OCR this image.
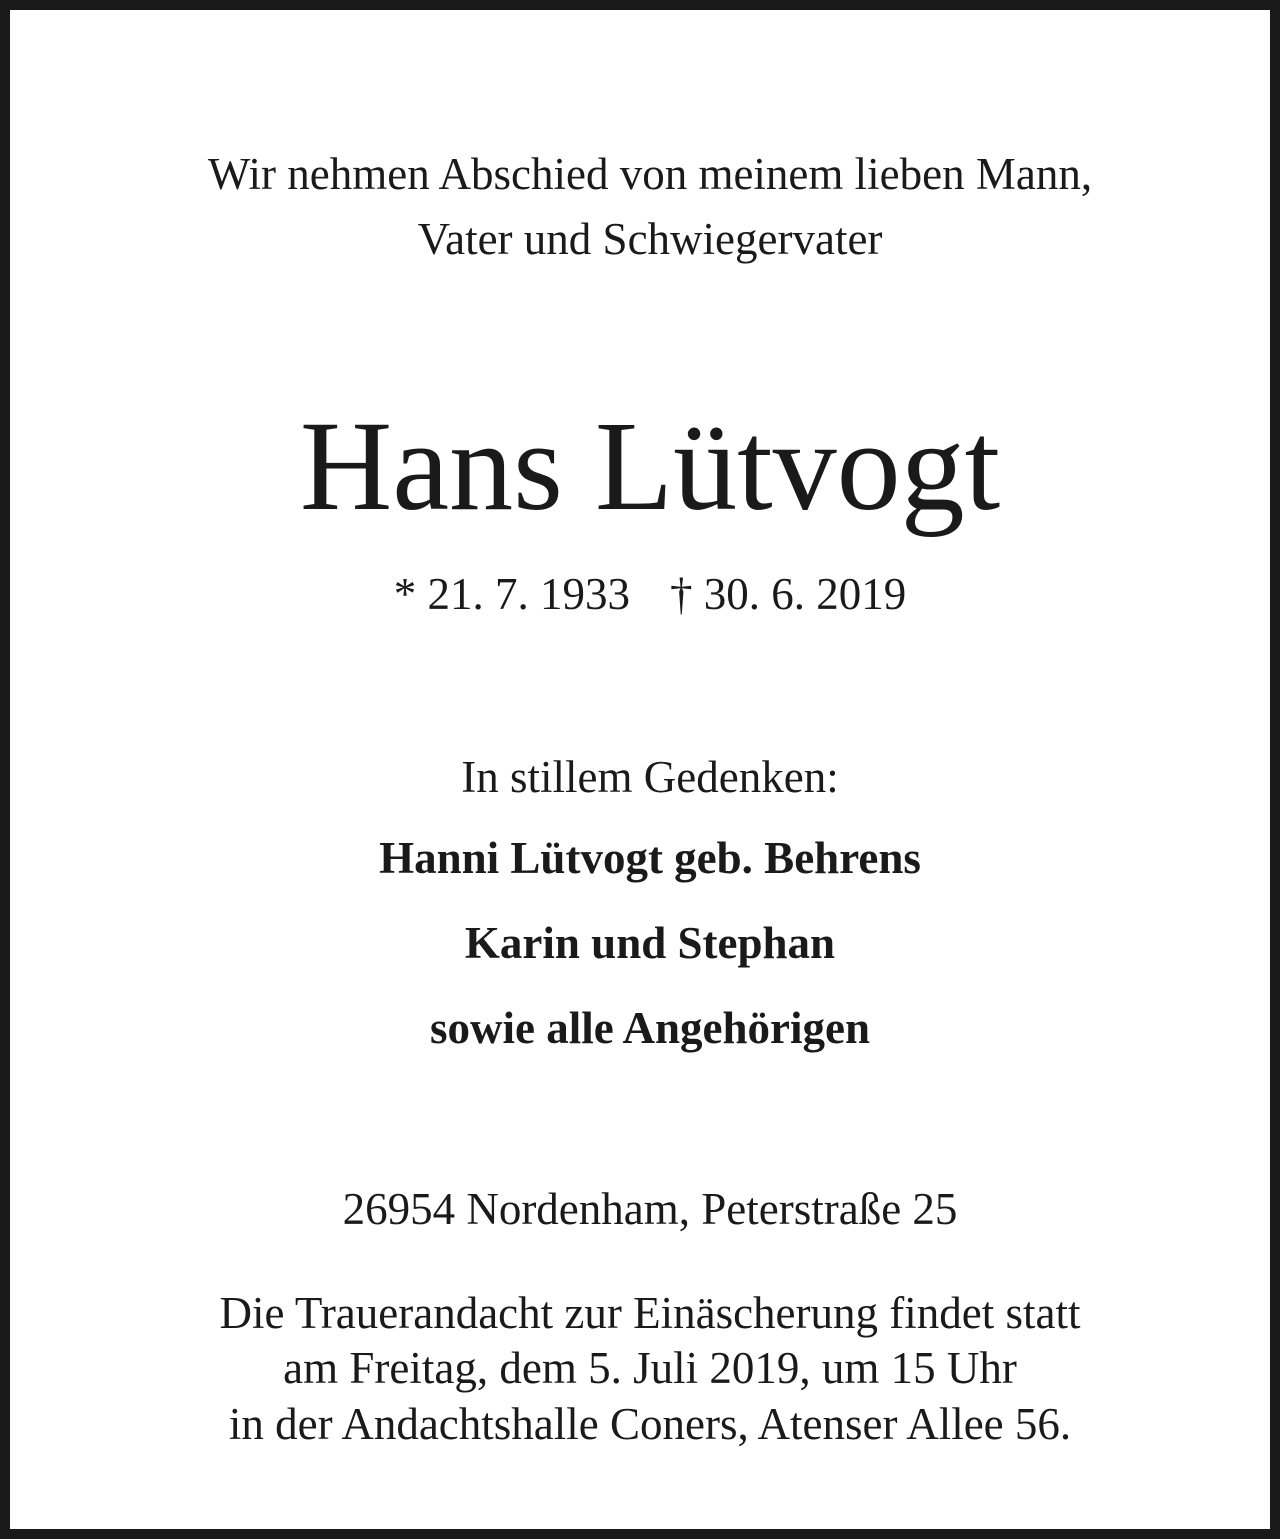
Wir nehmen Abschied von meinem lieben Mann,
Vater und Schwiegervater
Hans Lütvogt
* 21. 7. 1933 † 30. 6. 2019
In stillem Gedenken:
Hanni Lütvogt geb. Behrens
Karin und Stephan
sowie alle Angehörigen
26954 Nordenham, Peterstraße 25
Die Trauerandacht zur Einäscherung findet statt
am Freitag, dem 5. Juli 2019, um 15 Uhr
in der Andachtshalle Coners, Atenser Allee 56.
